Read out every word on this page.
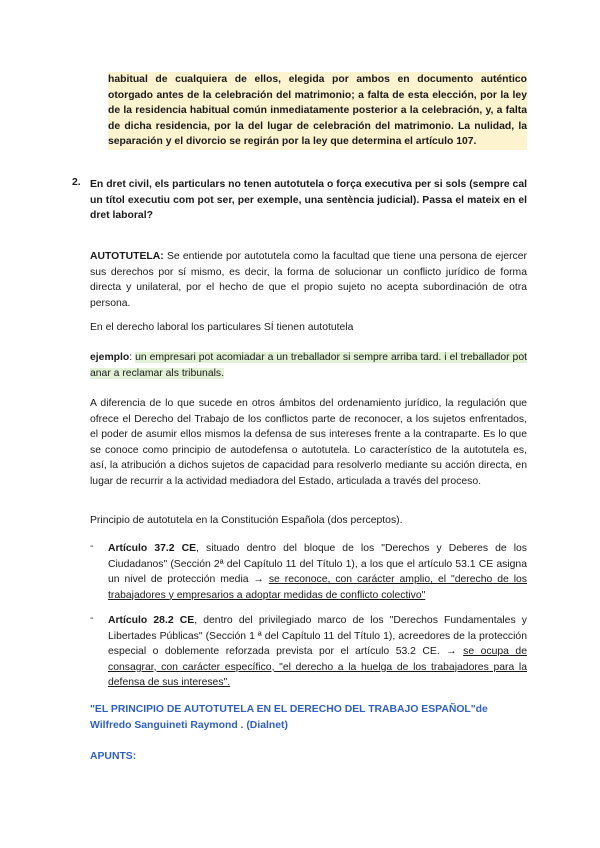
habitual de cualquiera de ellos, elegida por ambos en documento auténtico otorgado antes de la celebración del matrimonio; a falta de esta elección, por la ley de la residencia habitual común inmediatamente posterior a la celebración, y, a falta de dicha residencia, por la del lugar de celebración del matrimonio. La nulidad, la separación y el divorcio se regirán por la ley que determina el artículo 107.

2. En dret civil, els particulars no tenen autotutela o força executiva per si sols (sempre cal un títol executiu com pot ser, per exemple, una sentència judicial). Passa el mateix en el dret laboral?

AUTOTUTELA: Se entiende por autotutela como la facultad que tiene una persona de ejercer sus derechos por sí mismo, es decir, la forma de solucionar un conflicto jurídico de forma directa y unilateral, por el hecho de que el propio sujeto no acepta subordinación de otra persona.

En el derecho laboral los particulares SÍ tienen autotutela

ejemplo: un empresari pot acomiadar a un treballador si sempre arriba tard. i el treballador pot anar a reclamar als tribunals.

A diferencia de lo que sucede en otros ámbitos del ordenamiento jurídico, la regulación que ofrece el Derecho del Trabajo de los conflictos parte de reconocer, a los sujetos enfrentados, el poder de asumir ellos mismos la defensa de sus intereses frente a la contraparte. Es lo que se conoce como principio de autodefensa o autotutela. Lo característico de la autotutela es, así, la atribución a dichos sujetos de capacidad para resolverlo mediante su acción directa, en lugar de recurrir a la actividad mediadora del Estado, articulada a través del proceso.

Principio de autotutela en la Constitución Española (dos perceptos).

- Artículo 37.2 CE, situado dentro del bloque de los "Derechos y Deberes de los Ciudadanos" (Sección 2ª del Capítulo 11 del Título 1), a los que el artículo 53.1 CE asigna un nivel de protección media → se reconoce, con carácter amplio, el "derecho de los trabajadores y empresarios a adoptar medidas de conflicto colectivo"

- Artículo 28.2 CE, dentro del privilegiado marco de los "Derechos Fundamentales y Libertades Públicas" (Sección 1 ª del Capítulo 11 del Título 1), acreedores de la protección especial o doblemente reforzada prevista por el artículo 53.2 CE. → se ocupa de consagrar, con carácter específico, "el derecho a la huelga de los trabajadores para la defensa de sus intereses".

"EL PRINCIPIO DE AUTOTUTELA EN EL DERECHO DEL TRABAJO ESPAÑOL"de Wilfredo Sanguineti Raymond . (Dialnet)

APUNTS:
